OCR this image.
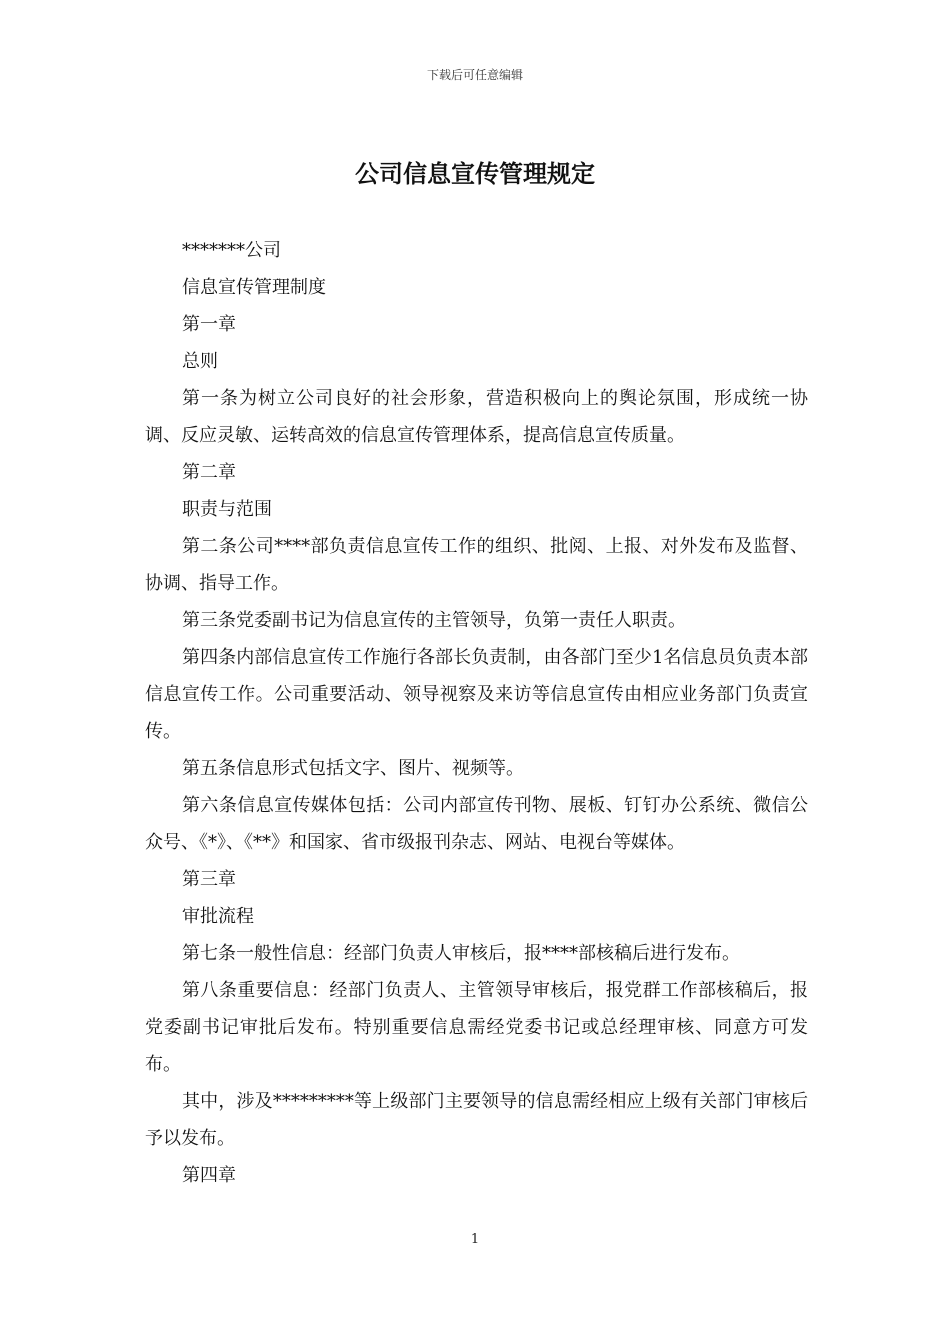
下载后可任意编辑
公司信息宣传管理规定

*******公司

信息宣传管理制度

第一章

总则

第一条为树立公司良好的社会形象，营造积极向上的舆论氛围，形成统一协调、反应灵敏、运转高效的信息宣传管理体系，提高信息宣传质量。

第二章

职责与范围

第二条公司****部负责信息宣传工作的组织、批阅、上报、对外发布及监督、协调、指导工作。

第三条党委副书记为信息宣传的主管领导，负第一责任人职责。

第四条内部信息宣传工作施行各部长负责制，由各部门至少1名信息员负责本部信息宣传工作。公司重要活动、领导视察及来访等信息宣传由相应业务部门负责宣传。

第五条信息形式包括文字、图片、视频等。

第六条信息宣传媒体包括：公司内部宣传刊物、展板、钉钉办公系统、微信公众号、《*》、《**》和国家、省市级报刊杂志、网站、电视台等媒体。

第三章

审批流程

第七条一般性信息：经部门负责人审核后，报****部核稿后进行发布。

第八条重要信息：经部门负责人、主管领导审核后，报党群工作部核稿后，报党委副书记审批后发布。特别重要信息需经党委书记或总经理审核、同意方可发布。

其中，涉及*********等上级部门主要领导的信息需经相应上级有关部门审核后予以发布。

第四章

1
